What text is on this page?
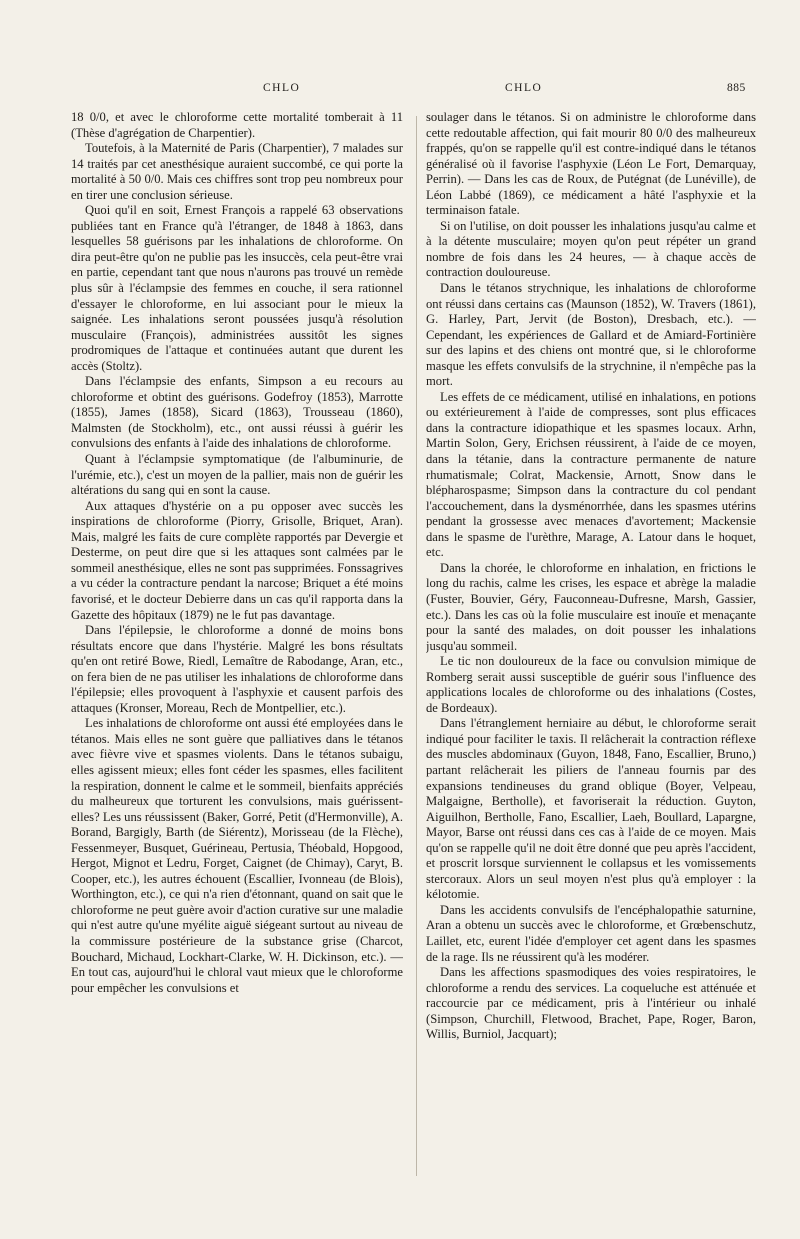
CHLO	CHLO	885

18 0/0, et avec le chloroforme cette mortalité tomberait à 11 (Thèse d'agrégation de Charpentier).

Toutefois, à la Maternité de Paris (Charpentier), 7 malades sur 14 traités par cet anesthésique auraient succombé, ce qui porte la mortalité à 50 0/0. Mais ces chiffres sont trop peu nombreux pour en tirer une conclusion sérieuse.

Quoi qu'il en soit, Ernest François a rappelé 63 observations publiées tant en France qu'à l'étranger, de 1848 à 1863, dans lesquelles 58 guérisons par les inhalations de chloroforme. On dira peut-être qu'on ne publie pas les insuccès, cela peut-être vrai en partie, cependant tant que nous n'aurons pas trouvé un remède plus sûr à l'éclampsie des femmes en couche, il sera rationnel d'essayer le chloroforme, en lui associant pour le mieux la saignée. Les inhalations seront poussées jusqu'à résolution musculaire (François), administrées aussitôt les signes prodromiques de l'attaque et continuées autant que durent les accès (Stoltz).

Dans l'éclampsie des enfants, Simpson a eu recours au chloroforme et obtint des guérisons. Godefroy (1853), Marrotte (1855), James (1858), Sicard (1863), Trousseau (1860), Malmsten (de Stockholm), etc., ont aussi réussi à guérir les convulsions des enfants à l'aide des inhalations de chloroforme.

Quant à l'éclampsie symptomatique (de l'albuminurie, de l'urémie, etc.), c'est un moyen de la pallier, mais non de guérir les altérations du sang qui en sont la cause.

Aux attaques d'hystérie on a pu opposer avec succès les inspirations de chloroforme (Piorry, Grisolle, Briquet, Aran). Mais, malgré les faits de cure complète rapportés par Devergie et Desterme, on peut dire que si les attaques sont calmées par le sommeil anesthésique, elles ne sont pas supprimées. Fonssagrives a vu céder la contracture pendant la narcose; Briquet a été moins favorisé, et le docteur Debierre dans un cas qu'il rapporta dans la Gazette des hôpitaux (1879) ne le fut pas davantage.

Dans l'épilepsie, le chloroforme a donné de moins bons résultats encore que dans l'hystérie. Malgré les bons résultats qu'en ont retiré Bowe, Riedl, Lemaître de Rabodange, Aran, etc., on fera bien de ne pas utiliser les inhalations de chloroforme dans l'épilepsie; elles provoquent à l'asphyxie et causent parfois des attaques (Kronser, Moreau, Rech de Montpellier, etc.).

Les inhalations de chloroforme ont aussi été employées dans le tétanos. Mais elles ne sont guère que palliatives dans le tétanos avec fièvre vive et spasmes violents. Dans le tétanos subaigu, elles agissent mieux; elles font céder les spasmes, elles facilitent la respiration, donnent le calme et le sommeil, bienfaits appréciés du malheureux que torturent les convulsions, mais guérissent-elles? Les uns réussissent (Baker, Gorré, Petit (d'Hermonville), A. Borand, Bargigly, Barth (de Siérentz), Morisseau (de la Flèche), Fessenmeyer, Busquet, Guérineau, Pertusia, Théobald, Hopgood, Hergot, Mignot et Ledru, Forget, Caignet (de Chimay), Caryt, B. Cooper, etc.), les autres échouent (Escallier, Ivonneau (de Blois), Worthington, etc.), ce qui n'a rien d'étonnant, quand on sait que le chloroforme ne peut guère avoir d'action curative sur une maladie qui n'est autre qu'une myélite aiguë siégeant surtout au niveau de la commissure postérieure de la substance grise (Charcot, Bouchard, Michaud, Lockhart-Clarke, W. H. Dickinson, etc.). — En tout cas, aujourd'hui le chloral vaut mieux que le chloroforme pour empêcher les convulsions et

soulager dans le tétanos. Si on administre le chloroforme dans cette redoutable affection, qui fait mourir 80 0/0 des malheureux frappés, qu'on se rappelle qu'il est contre-indiqué dans le tétanos généralisé où il favorise l'asphyxie (Léon Le Fort, Demarquay, Perrin). — Dans les cas de Roux, de Putégnat (de Lunéville), de Léon Labbé (1869), ce médicament a hâté l'asphyxie et la terminaison fatale.

Si on l'utilise, on doit pousser les inhalations jusqu'au calme et à la détente musculaire; moyen qu'on peut répéter un grand nombre de fois dans les 24 heures, — à chaque accès de contraction douloureuse.

Dans le tétanos strychnique, les inhalations de chloroforme ont réussi dans certains cas (Maunson (1852), W. Travers (1861), G. Harley, Part, Jervit (de Boston), Dresbach, etc.). — Cependant, les expériences de Gallard et de Amiard-Fortinière sur des lapins et des chiens ont montré que, si le chloroforme masque les effets convulsifs de la strychnine, il n'empêche pas la mort.

Les effets de ce médicament, utilisé en inhalations, en potions ou extérieurement à l'aide de compresses, sont plus efficaces dans la contracture idiopathique et les spasmes locaux. Arhn, Martin Solon, Gery, Erichsen réussirent, à l'aide de ce moyen, dans la tétanie, dans la contracture permanente de nature rhumatismale; Colrat, Mackensie, Arnott, Snow dans le blépharospasme; Simpson dans la contracture du col pendant l'accouchement, dans la dysménorrhée, dans les spasmes utérins pendant la grossesse avec menaces d'avortement; Mackensie dans le spasme de l'urèthre, Marage, A. Latour dans le hoquet, etc.

Dans la chorée, le chloroforme en inhalation, en frictions le long du rachis, calme les crises, les espace et abrège la maladie (Fuster, Bouvier, Géry, Fauconneau-Dufresne, Marsh, Gassier, etc.). Dans les cas où la folie musculaire est inouïe et menaçante pour la santé des malades, on doit pousser les inhalations jusqu'au sommeil.

Le tic non douloureux de la face ou convulsion mimique de Romberg serait aussi susceptible de guérir sous l'influence des applications locales de chloroforme ou des inhalations (Costes, de Bordeaux).

Dans l'étranglement herniaire au début, le chloroforme serait indiqué pour faciliter le taxis. Il relâcherait la contraction réflexe des muscles abdominaux (Guyon, 1848, Fano, Escallier, Bruno,) partant relâcherait les piliers de l'anneau fournis par des expansions tendineuses du grand oblique (Boyer, Velpeau, Malgaigne, Bertholle), et favoriserait la réduction. Guyton, Aiguilhon, Bertholle, Fano, Escallier, Laeh, Boullard, Lapargne, Mayor, Barse ont réussi dans ces cas à l'aide de ce moyen. Mais qu'on se rappelle qu'il ne doit être donné que peu après l'accident, et proscrit lorsque surviennent le collapsus et les vomissements stercoraux. Alors un seul moyen n'est plus qu'à employer : la kélotomie.

Dans les accidents convulsifs de l'encéphalopathie saturnine, Aran a obtenu un succès avec le chloroforme, et Grœbenschutz, Laillet, etc, eurent l'idée d'employer cet agent dans les spasmes de la rage. Ils ne réussirent qu'à les modérer.

Dans les affections spasmodiques des voies respiratoires, le chloroforme a rendu des services. La coqueluche est atténuée et raccourcie par ce médicament, pris à l'intérieur ou inhalé (Simpson, Churchill, Fletwood, Brachet, Pape, Roger, Baron, Willis, Burniol, Jacquart);
